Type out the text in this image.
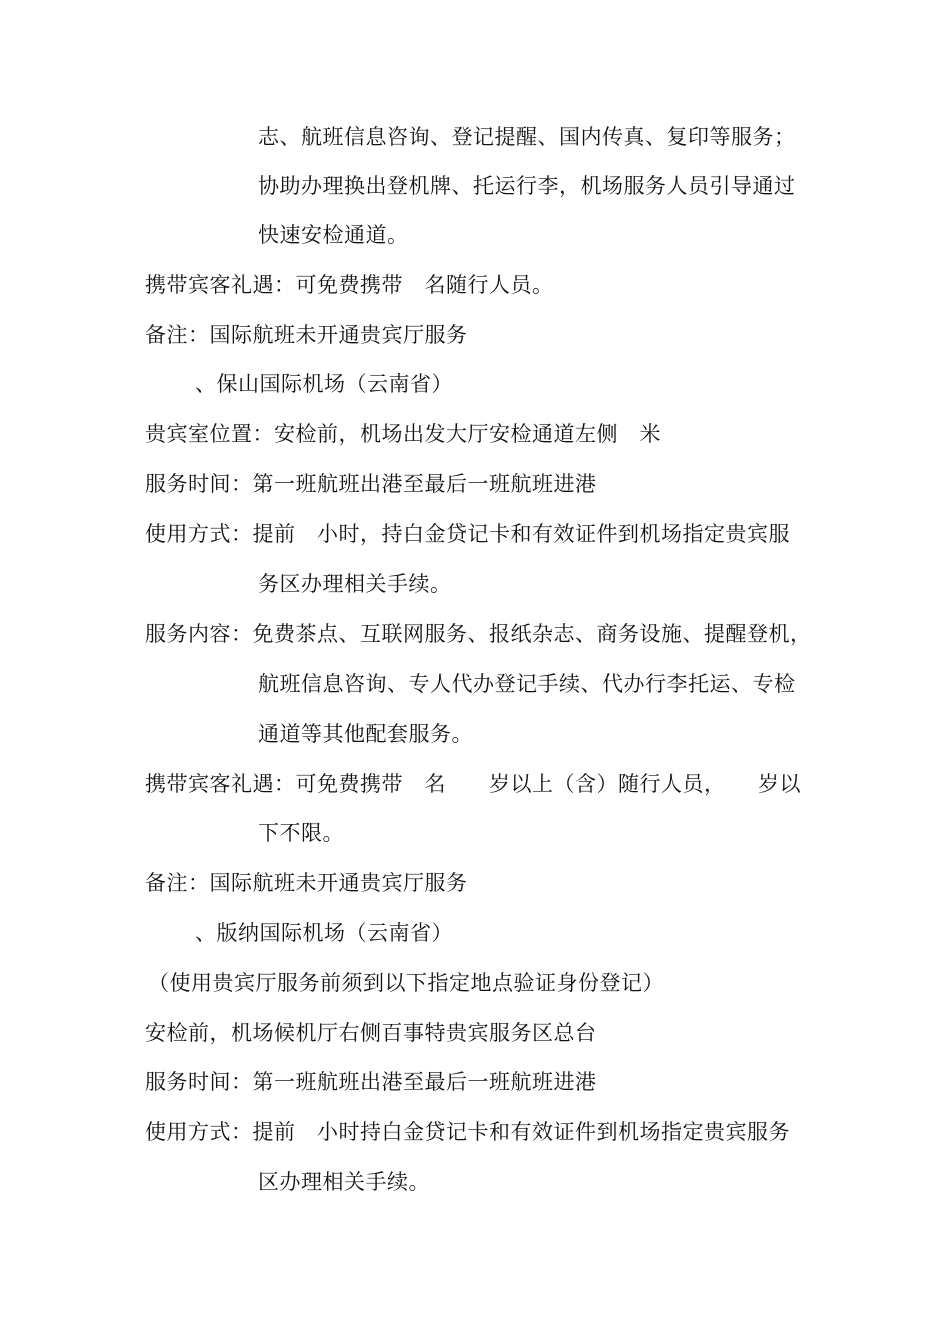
志、航班信息咨询、登记提醒、国内传真、复印等服务；
协助办理换出登机牌、托运行李，机场服务人员引导通过
快速安检通道。
携带宾客礼遇：可免费携带　名随行人员。
备注：国际航班未开通贵宾厅服务
、保山国际机场（云南省）
贵宾室位置：安检前，机场出发大厅安检通道左侧　米
服务时间：第一班航班出港至最后一班航班进港
使用方式：提前　小时，持白金贷记卡和有效证件到机场指定贵宾服
务区办理相关手续。
服务内容：免费茶点、互联网服务、报纸杂志、商务设施、提醒登机，
航班信息咨询、专人代办登记手续、代办行李托运、专检
通道等其他配套服务。
携带宾客礼遇：可免费携带　名　　岁以上（含）随行人员，　　岁以
下不限。
备注：国际航班未开通贵宾厅服务
、版纳国际机场（云南省）
（使用贵宾厅服务前须到以下指定地点验证身份登记）
安检前，机场候机厅右侧百事特贵宾服务区总台
服务时间：第一班航班出港至最后一班航班进港
使用方式：提前　小时持白金贷记卡和有效证件到机场指定贵宾服务
区办理相关手续。
